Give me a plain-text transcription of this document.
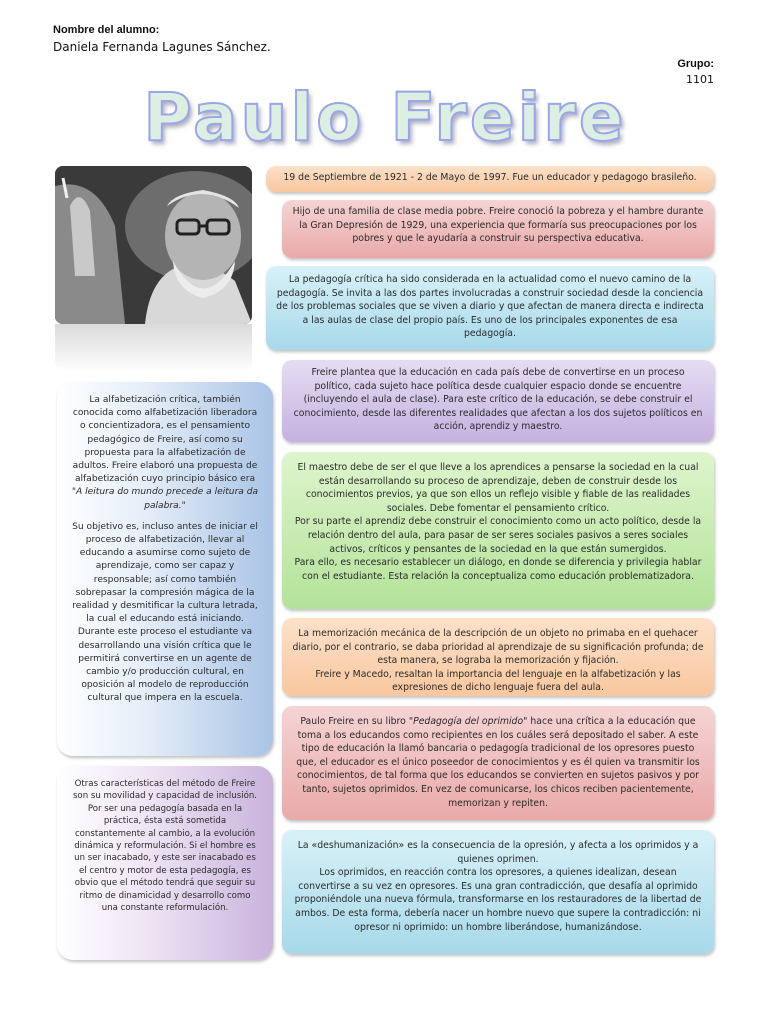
Nombre del alumno:
Daniela Fernanda Lagunes Sánchez.
Grupo:
1101
Paulo Freire

19 de Septiembre de 1921 - 2 de Mayo de 1997. Fue un educador y pedagogo brasileño.

Hijo de una familia de clase media pobre. Freire conoció la pobreza y el hambre durante la Gran Depresión de 1929, una experiencia que formaría sus preocupaciones por los pobres y que le ayudaría a construir su perspectiva educativa.

La pedagogía crítica ha sido considerada en la actualidad como el nuevo camino de la pedagogía. Se invita a las dos partes involucradas a construir sociedad desde la conciencia de los problemas sociales que se viven a diario y que afectan de manera directa e indirecta a las aulas de clase del propio país. Es uno de los principales exponentes de esa pedagogía.

Freire plantea que la educación en cada país debe de convertirse en un proceso político, cada sujeto hace política desde cualquier espacio donde se encuentre (incluyendo el aula de clase). Para este crítico de la educación, se debe construir el conocimiento, desde las diferentes realidades que afectan a los dos sujetos políticos en acción, aprendiz y maestro.

El maestro debe de ser el que lleve a los aprendices a pensarse la sociedad en la cual están desarrollando su proceso de aprendizaje, deben de construir desde los conocimientos previos, ya que son ellos un reflejo visible y fiable de las realidades sociales. Debe fomentar el pensamiento crítico.

Por su parte el aprendiz debe construir el conocimiento como un acto político, desde la relación dentro del aula, para pasar de ser seres sociales pasivos a seres sociales activos, críticos y pensantes de la sociedad en la que están sumergidos.

Para ello, es necesario establecer un diálogo, en donde se diferencia y privilegia hablar con el estudiante. Esta relación la conceptualiza como educación problematizadora.

La memorización mecánica de la descripción de un objeto no primaba en el quehacer diario, por el contrario, se daba prioridad al aprendizaje de su significación profunda; de esta manera, se lograba la memorización y fijación.

Freire y Macedo, resaltan la importancia del lenguaje en la alfabetización y las expresiones de dicho lenguaje fuera del aula.

Paulo Freire en su libro "Pedagogía del oprimido" hace una crítica a la educación que toma a los educandos como recipientes en los cuáles será depositado el saber. A este tipo de educación la llamó bancaria o pedagogía tradicional de los opresores puesto que, el educador es el único poseedor de conocimientos y es él quien va transmitir los conocimientos, de tal forma que los educandos se convierten en sujetos pasivos y por tanto, sujetos oprimidos. En vez de comunicarse, los chicos reciben pacientemente, memorizan y repiten.

La «deshumanización» es la consecuencia de la opresión, y afecta a los oprimidos y a quienes oprimen.

Los oprimidos, en reacción contra los opresores, a quienes idealizan, desean convertirse a su vez en opresores. Es una gran contradicción, que desafía al oprimido proponiéndole una nueva fórmula, transformarse en los restauradores de la libertad de ambos. De esta forma, debería nacer un hombre nuevo que supere la contradicción: ni opresor ni oprimido: un hombre liberándose, humanizándose.

La alfabetización crítica, también conocida como alfabetización liberadora o concientizadora, es el pensamiento pedagógico de Freire, así como su propuesta para la alfabetización de adultos. Freire elaboró una propuesta de alfabetización cuyo principio básico era "A leitura do mundo precede a leitura da palabra."

Su objetivo es, incluso antes de iniciar el proceso de alfabetización, llevar al educando a asumirse como sujeto de aprendizaje, como ser capaz y responsable; así como también sobrepasar la compresión mágica de la realidad y desmitificar la cultura letrada, la cual el educando está iniciando. Durante este proceso el estudiante va desarrollando una visión crítica que le permitirá convertirse en un agente de cambio y/o producción cultural, en oposición al modelo de reproducción cultural que impera en la escuela.

Otras características del método de Freire son su movilidad y capacidad de inclusión.

Por ser una pedagogía basada en la práctica, ésta está sometida constantemente al cambio, a la evolución dinámica y reformulación. Si el hombre es un ser inacabado, y este ser inacabado es el centro y motor de esta pedagogía, es obvio que el método tendrá que seguir su ritmo de dinamicidad y desarrollo como una constante reformulación.
